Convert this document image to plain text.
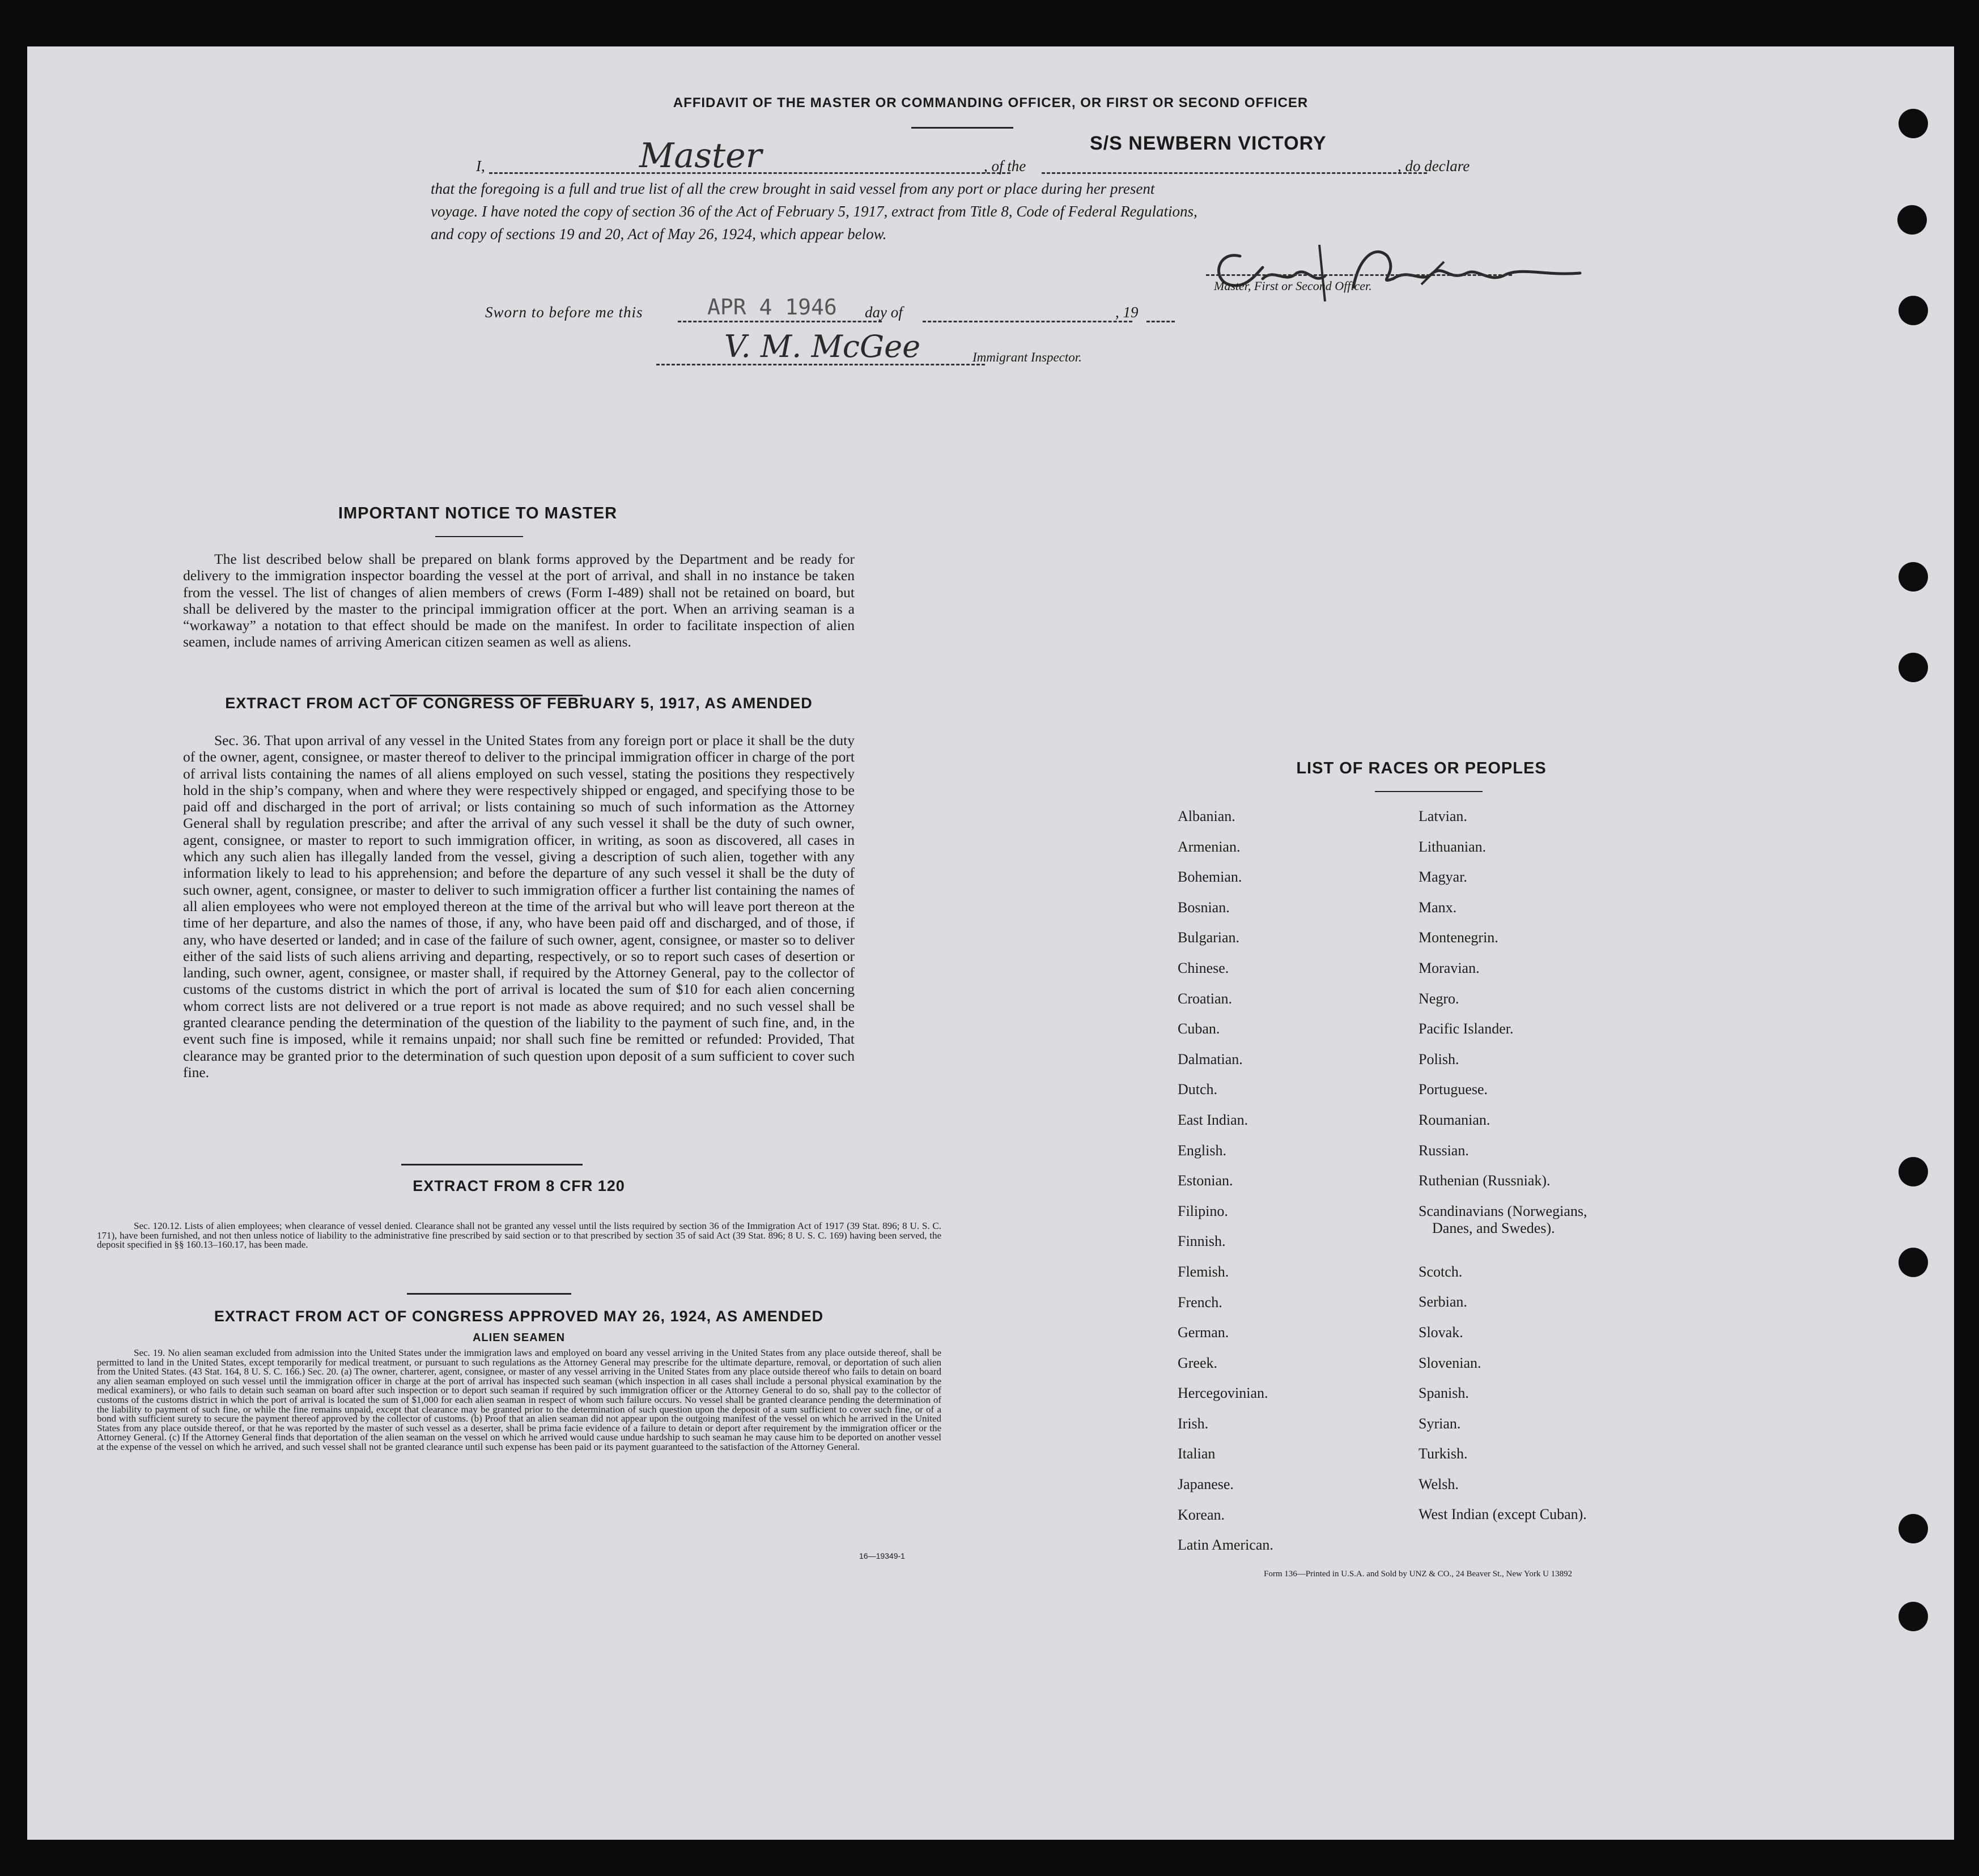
AFFIDAVIT OF THE MASTER OR COMMANDING OFFICER, OR FIRST OR SECOND OFFICER
I,	Master	, of the
S/S NEWBERN VICTORY
, do declare
that the foregoing is a full and true list of all the crew brought in said vessel from any port or place during her present
voyage. I have noted the copy of section 36 of the Act of February 5, 1917, extract from Title 8, Code of Federal Regulations,
and copy of sections 19 and 20, Act of May 26, 1924, which appear below.
Master, First or Second Officer.
Sworn to before me this	APR 4 1946 day of	, 19
V. M. McGee	Immigrant Inspector.
IMPORTANT NOTICE TO MASTER

The list described below shall be prepared on blank forms approved by the Department and be ready for delivery to the immigration inspector boarding the vessel at the port of arrival, and shall in no instance be taken from the vessel. The list of changes of alien members of crews (Form I-489) shall not be retained on board, but shall be delivered by the master to the principal immigration officer at the port. When an arriving seaman is a “workaway” a notation to that effect should be made on the manifest. In order to facilitate inspection of alien seamen, include names of arriving American citizen seamen as well as aliens.

EXTRACT FROM ACT OF CONGRESS OF FEBRUARY 5, 1917, AS AMENDED

Sec. 36. That upon arrival of any vessel in the United States from any foreign port or place it shall be the duty of the owner, agent, consignee, or master thereof to deliver to the principal immigration officer in charge of the port of arrival lists containing the names of all aliens employed on such vessel, stating the positions they respectively hold in the ship’s company, when and where they were respectively shipped or engaged, and specifying those to be paid off and discharged in the port of arrival; or lists containing so much of such information as the Attorney General shall by regulation prescribe; and after the arrival of any such vessel it shall be the duty of such owner, agent, consignee, or master to report to such immigration officer, in writing, as soon as discovered, all cases in which any such alien has illegally landed from the vessel, giving a description of such alien, together with any information likely to lead to his apprehension; and before the departure of any such vessel it shall be the duty of such owner, agent, consignee, or master to deliver to such immigration officer a further list containing the names of all alien employees who were not employed thereon at the time of the arrival but who will leave port thereon at the time of her departure, and also the names of those, if any, who have been paid off and discharged, and of those, if any, who have deserted or landed; and in case of the failure of such owner, agent, consignee, or master so to deliver either of the said lists of such aliens arriving and departing, respectively, or so to report such cases of desertion or landing, such owner, agent, consignee, or master shall, if required by the Attorney General, pay to the collector of customs of the customs district in which the port of arrival is located the sum of $10 for each alien concerning whom correct lists are not delivered or a true report is not made as above required; and no such vessel shall be granted clearance pending the determination of the question of the liability to the payment of such fine, and, in the event such fine is imposed, while it remains unpaid; nor shall such fine be remitted or refunded: Provided, That clearance may be granted prior to the determination of such question upon deposit of a sum sufficient to cover such fine.

EXTRACT FROM 8 CFR 120

Sec. 120.12. Lists of alien employees; when clearance of vessel denied. Clearance shall not be granted any vessel until the lists required by section 36 of the Immigration Act of 1917 (39 Stat. 896; 8 U. S. C. 171), have been furnished, and not then unless notice of liability to the administrative fine prescribed by said section or to that prescribed by section 35 of said Act (39 Stat. 896; 8 U. S. C. 169) having been served, the deposit specified in §§ 160.13–160.17, has been made.

EXTRACT FROM ACT OF CONGRESS APPROVED MAY 26, 1924, AS AMENDED
ALIEN SEAMEN

Sec. 19. No alien seaman excluded from admission into the United States under the immigration laws and employed on board any vessel arriving in the United States from any place outside thereof, shall be permitted to land in the United States, except temporarily for medical treatment, or pursuant to such regulations as the Attorney General may prescribe for the ultimate departure, removal, or deportation of such alien from the United States. (43 Stat. 164, 8 U. S. C. 166.) Sec. 20. (a) The owner, charterer, agent, consignee, or master of any vessel arriving in the United States from any place outside thereof who fails to detain on board any alien seaman employed on such vessel until the immigration officer in charge at the port of arrival has inspected such seaman (which inspection in all cases shall include a personal physical examination by the medical examiners), or who fails to detain such seaman on board after such inspection or to deport such seaman if required by such immigration officer or the Attorney General to do so, shall pay to the collector of customs of the customs district in which the port of arrival is located the sum of $1,000 for each alien seaman in respect of whom such failure occurs. No vessel shall be granted clearance pending the determination of the liability to payment of such fine, or while the fine remains unpaid, except that clearance may be granted prior to the determination of such question upon the deposit of a sum sufficient to cover such fine, or of a bond with sufficient surety to secure the payment thereof approved by the collector of customs. (b) Proof that an alien seaman did not appear upon the outgoing manifest of the vessel on which he arrived in the United States from any place outside thereof, or that he was reported by the master of such vessel as a deserter, shall be prima facie evidence of a failure to detain or deport after requirement by the immigration officer or the Attorney General. (c) If the Attorney General finds that deportation of the alien seaman on the vessel on which he arrived would cause undue hardship to such seaman he may cause him to be deported on another vessel at the expense of the vessel on which he arrived, and such vessel shall not be granted clearance until such expense has been paid or its payment guaranteed to the satisfaction of the Attorney General.

16—19349-1
LIST OF RACES OR PEOPLES
Albanian.
Armenian.
Bohemian.
Bosnian.
Bulgarian.
Chinese.
Croatian.
Cuban.
Dalmatian.
Dutch.
East Indian.
English.
Estonian.
Filipino.
Finnish.
Flemish.
French.
German.
Greek.
Hercegovinian.
Irish.
Italian
Japanese.
Korean.
Latin American.
Latvian.
Lithuanian.
Magyar.
Manx.
Montenegrin.
Moravian.
Negro.
Pacific Islander.
Polish.
Portuguese.
Roumanian.
Russian.
Ruthenian (Russniak).
Scandinavians (Norwegians,
Danes, and Swedes).
Scotch.
Serbian.
Slovak.
Slovenian.
Spanish.
Syrian.
Turkish.
Welsh.
West Indian (except Cuban).
Form 136—Printed in U.S.A. and Sold by UNZ & CO., 24 Beaver St., New York U 13892
